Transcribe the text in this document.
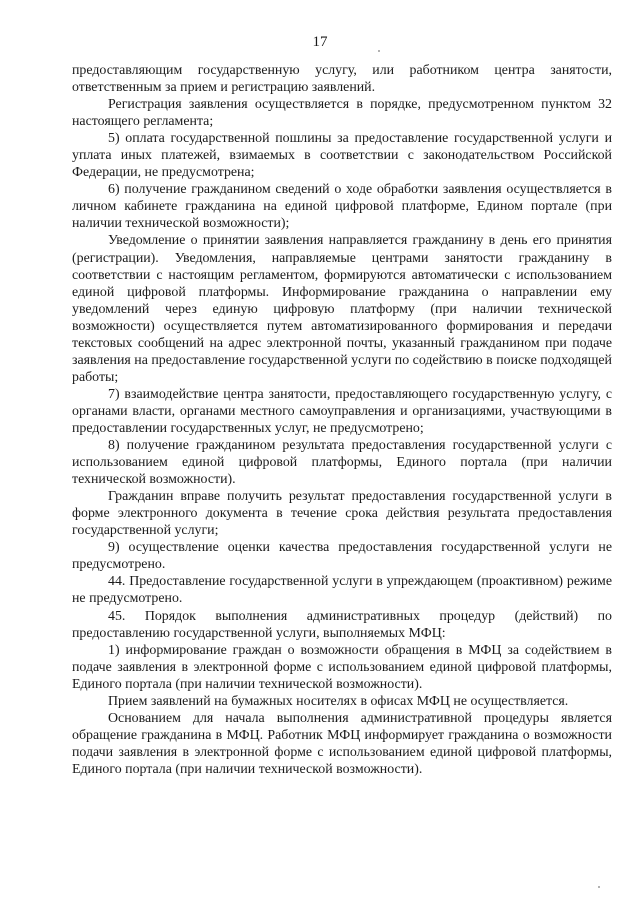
17

предоставляющим государственную услугу, или работником центра занятости, ответственным за прием и регистрацию заявлений.

Регистрация заявления осуществляется в порядке, предусмотренном пунктом 32 настоящего регламента;

5) оплата государственной пошлины за предоставление государственной услуги и уплата иных платежей, взимаемых в соответствии с законодательством Российской Федерации, не предусмотрена;

6) получение гражданином сведений о ходе обработки заявления осуществляется в личном кабинете гражданина на единой цифровой платформе, Едином портале (при наличии технической возможности);

Уведомление о принятии заявления направляется гражданину в день его принятия (регистрации). Уведомления, направляемые центрами занятости гражданину в соответствии с настоящим регламентом, формируются автоматически с использованием единой цифровой платформы. Информирование гражданина о направлении ему уведомлений через единую цифровую платформу (при наличии технической возможности) осуществляется путем автоматизированного формирования и передачи текстовых сообщений на адрес электронной почты, указанный гражданином при подаче заявления на предоставление государственной услуги по содействию в поиске подходящей работы;

7) взаимодействие центра занятости, предоставляющего государственную услугу, с органами власти, органами местного самоуправления и организациями, участвующими в предоставлении государственных услуг, не предусмотрено;

8) получение гражданином результата предоставления государственной услуги с использованием единой цифровой платформы, Единого портала (при наличии технической возможности).

Гражданин вправе получить результат предоставления государственной услуги в форме электронного документа в течение срока действия результата предоставления государственной услуги;

9) осуществление оценки качества предоставления государственной услуги не предусмотрено.

44. Предоставление государственной услуги в упреждающем (проактивном) режиме не предусмотрено.

45. Порядок выполнения административных процедур (действий) по предоставлению государственной услуги, выполняемых МФЦ:

1) информирование граждан о возможности обращения в МФЦ за содействием в подаче заявления в электронной форме с использованием единой цифровой платформы, Единого портала (при наличии технической возможности).

Прием заявлений на бумажных носителях в офисах МФЦ не осуществляется.

Основанием для начала выполнения административной процедуры является обращение гражданина в МФЦ. Работник МФЦ информирует гражданина о возможности подачи заявления в электронной форме с использованием единой цифровой платформы, Единого портала (при наличии технической возможности).
